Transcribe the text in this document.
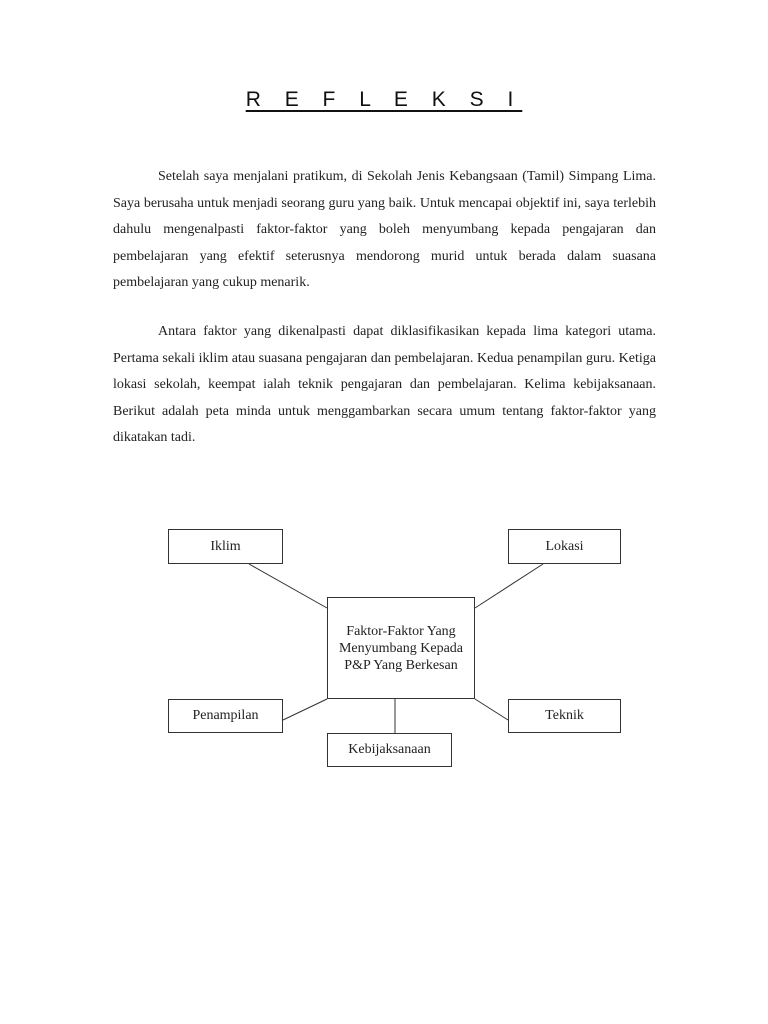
R E F L E K S I

Setelah saya menjalani pratikum, di Sekolah Jenis Kebangsaan (Tamil) Simpang Lima. Saya berusaha untuk menjadi seorang guru yang baik. Untuk mencapai objektif ini, saya terlebih dahulu mengenalpasti faktor-faktor yang boleh menyumbang kepada pengajaran dan pembelajaran yang efektif seterusnya mendorong murid untuk berada dalam suasana pembelajaran yang cukup menarik.

Antara faktor yang dikenalpasti dapat diklasifikasikan kepada lima kategori utama. Pertama sekali iklim atau suasana pengajaran dan pembelajaran. Kedua penampilan guru. Ketiga lokasi sekolah, keempat ialah teknik pengajaran dan pembelajaran. Kelima kebijaksanaan. Berikut adalah peta minda untuk menggambarkan secara umum tentang faktor-faktor yang dikatakan tadi.

Iklim	Lokasi
Faktor-Faktor Yang Menyumbang Kepada P&P Yang Berkesan
Penampilan	Teknik
Kebijaksanaan
